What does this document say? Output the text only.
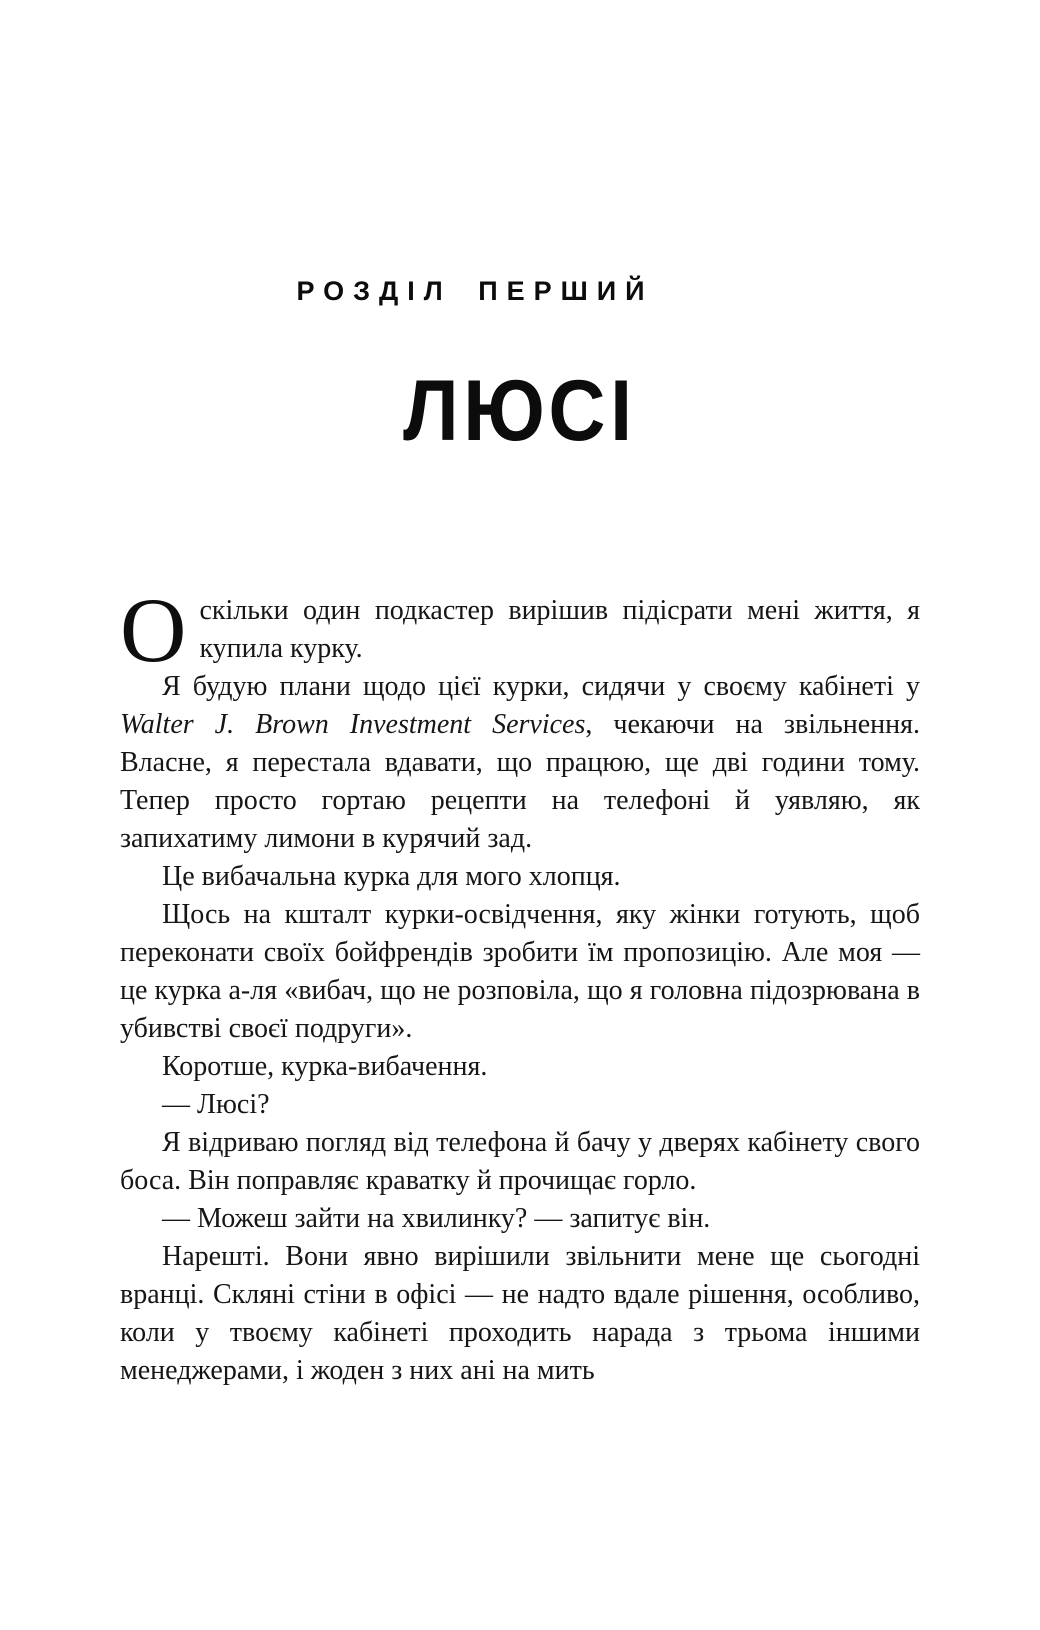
РОЗДІЛ ПЕРШИЙ
ЛЮСІ

Оскільки один подкастер вирішив підісрати мені життя, я купила курку.

Я будую плани щодо цієї курки, сидячи у своєму кабінеті у Walter J. Brown Investment Services, чекаючи на звільнення. Власне, я перестала вдавати, що працюю, ще дві години тому. Тепер просто гортаю рецепти на телефоні й уявляю, як запихатиму лимони в курячий зад.

Це вибачальна курка для мого хлопця.

Щось на кшталт курки-освідчення, яку жінки готують, щоб переконати своїх бойфрендів зробити їм пропозицію. Але моя — це курка а-ля «вибач, що не розповіла, що я головна підозрювана в убивстві своєї подруги».

Коротше, курка-вибачення.

— Люсі?

Я відриваю погляд від телефона й бачу у дверях кабінету свого боса. Він поправляє краватку й прочищає горло.

— Можеш зайти на хвилинку? — запитує він.

Нарешті. Вони явно вирішили звільнити мене ще сьогодні вранці. Скляні стіни в офісі — не надто вдале рішення, особливо, коли у твоєму кабінеті проходить нарада з трьома іншими менеджерами, і жоден з них ані на мить
